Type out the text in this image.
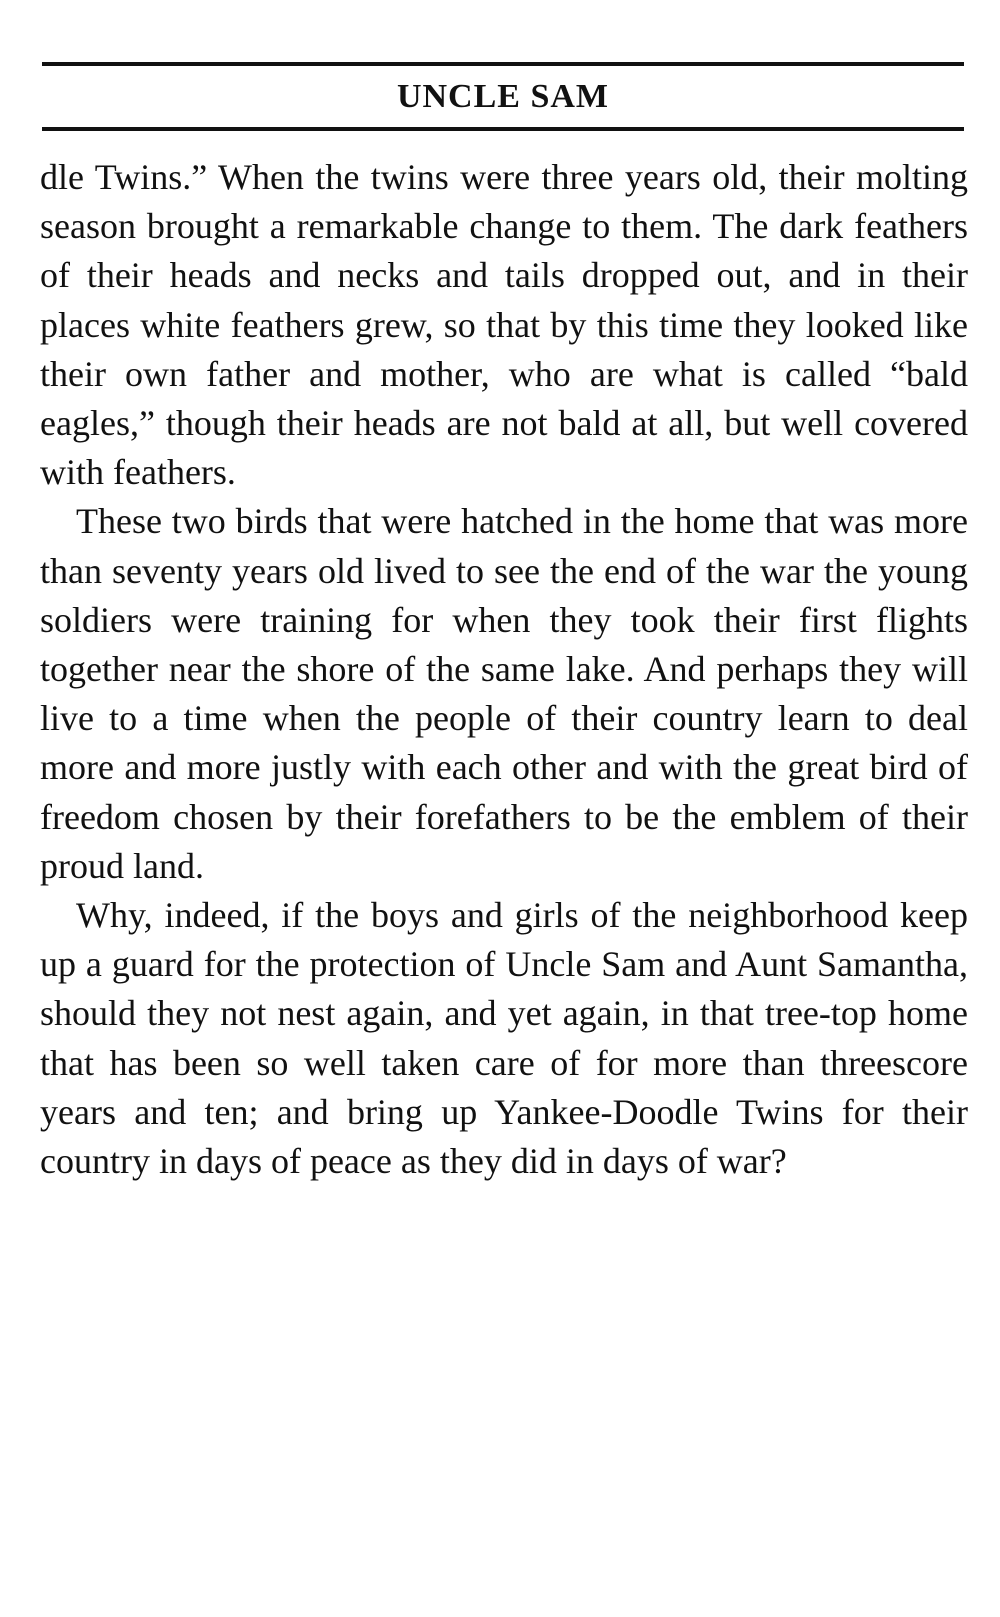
UNCLE SAM

dle Twins.” When the twins were three years old, their molting season brought a remarkable change to them. The dark feathers of their heads and necks and tails dropped out, and in their places white feathers grew, so that by this time they looked like their own father and mother, who are what is called “bald eagles,” though their heads are not bald at all, but well covered with feathers.

These two birds that were hatched in the home that was more than seventy years old lived to see the end of the war the young soldiers were training for when they took their first flights together near the shore of the same lake. And perhaps they will live to a time when the people of their country learn to deal more and more justly with each other and with the great bird of freedom chosen by their forefathers to be the emblem of their proud land.

Why, indeed, if the boys and girls of the neighborhood keep up a guard for the protection of Uncle Sam and Aunt Samantha, should they not nest again, and yet again, in that tree-top home that has been so well taken care of for more than threescore years and ten; and bring up Yankee-Doodle Twins for their country in days of peace as they did in days of war?
